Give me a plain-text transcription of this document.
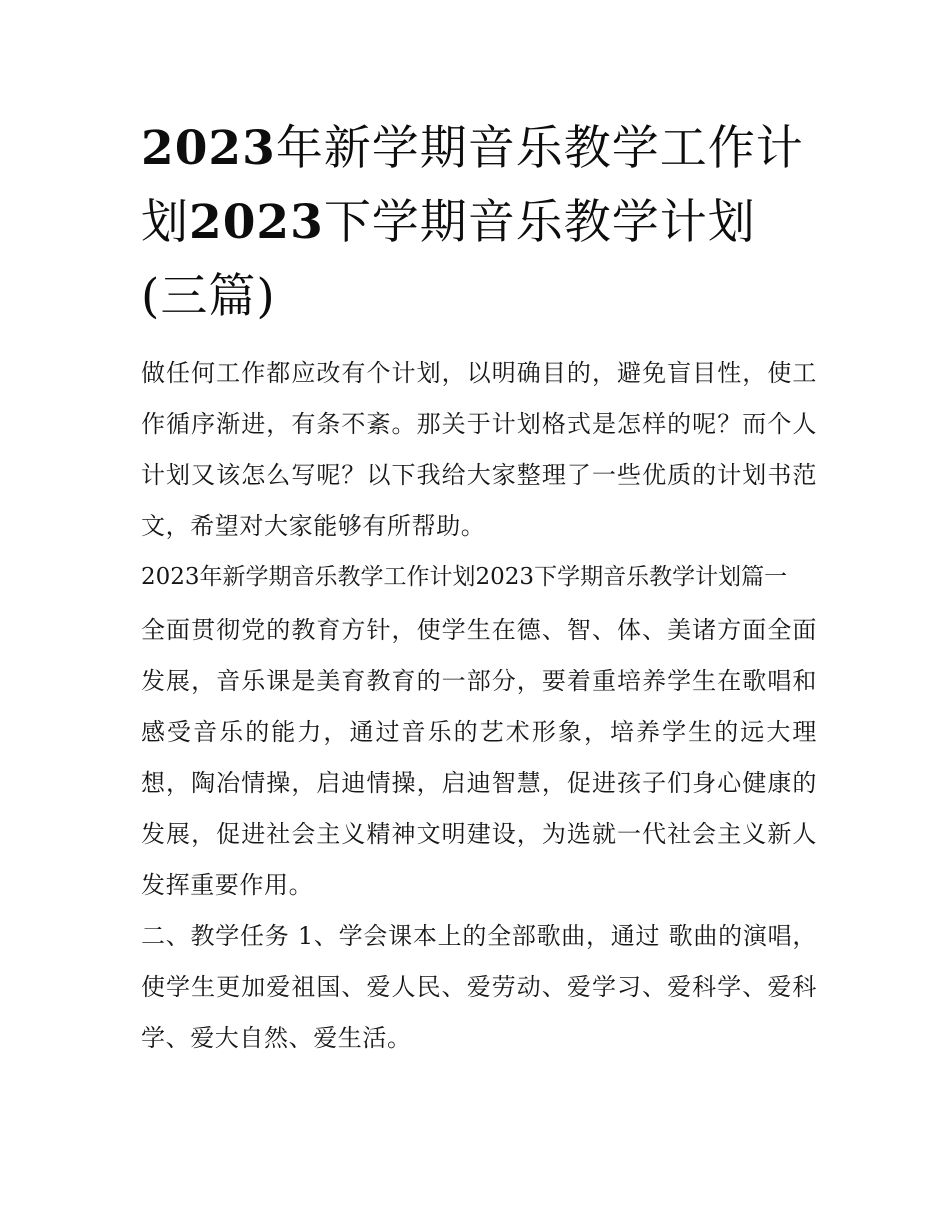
2023年新学期音乐教学工作计划2023下学期音乐教学计划(三篇)

做任何工作都应改有个计划，以明确目的，避免盲目性，使工作循序渐进，有条不紊。那关于计划格式是怎样的呢？而个人计划又该怎么写呢？以下我给大家整理了一些优质的计划书范文，希望对大家能够有所帮助。

2023年新学期音乐教学工作计划2023下学期音乐教学计划篇一

全面贯彻党的教育方针，使学生在德、智、体、美诸方面全面发展，音乐课是美育教育的一部分，要着重培养学生在歌唱和感受音乐的能力，通过音乐的艺术形象，培养学生的远大理想，陶冶情操，启迪情操，启迪智慧，促进孩子们身心健康的发展，促进社会主义精神文明建设，为选就一代社会主义新人发挥重要作用。

二、教学任务 1、学会课本上的全部歌曲，通过 歌曲的演唱，使学生更加爱祖国、爱人民、爱劳动、爱学习、爱科学、爱科学、爱大自然、爱生活。
